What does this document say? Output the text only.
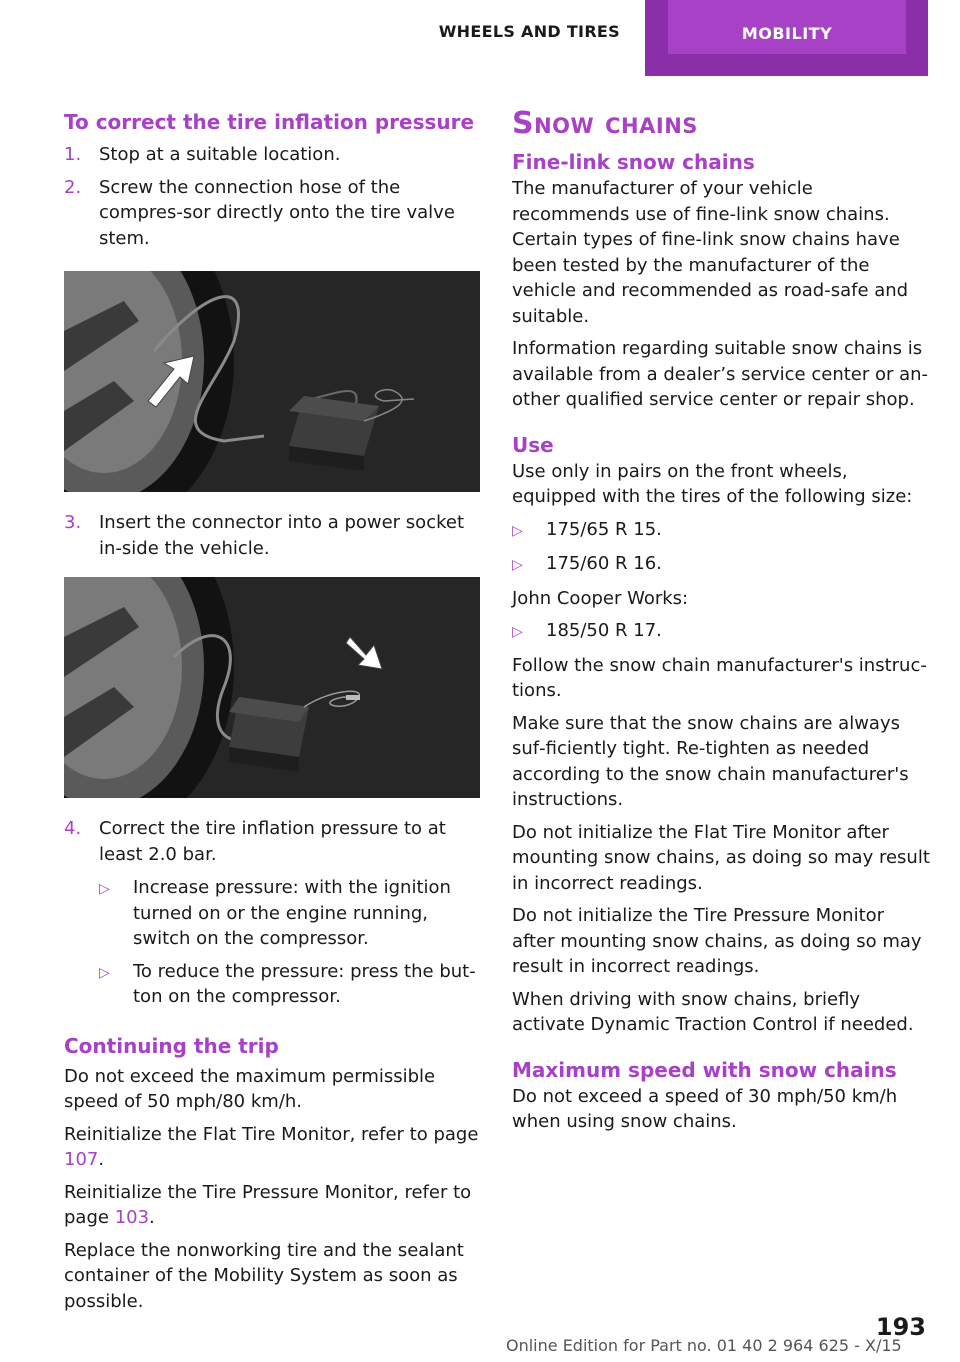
WHEELS AND TIRES	MOBILITY
To correct the tire inflation pressure
1. Stop at a suitable location.
2. Screw the connection hose of the compres‐sor directly onto the tire valve stem.
3. Insert the connector into a power socket in‐side the vehicle.
4. Correct the tire inflation pressure to at least 2.0 bar.
▷	Increase pressure: with the ignition turned on or the engine running, switch on the compressor.
▷	To reduce the pressure: press the but‐ton on the compressor.
Continuing the trip
Do not exceed the maximum permissible speed of 50 mph/80 km/h.
Reinitialize the Flat Tire Monitor, refer to page 107.
Reinitialize the Tire Pressure Monitor, refer to page 103.
Replace the nonworking tire and the sealant container of the Mobility System as soon as possible.
Snow chains
Fine-link snow chains
The manufacturer of your vehicle recommends use of fine-link snow chains. Certain types of fine-link snow chains have been tested by the manufacturer of the vehicle and recommended as road-safe and suitable.
Information regarding suitable snow chains is available from a dealer’s service center or an‐other qualified service center or repair shop.
Use
Use only in pairs on the front wheels, equipped with the tires of the following size:
▷	175/65 R 15.
▷	175/60 R 16.
John Cooper Works:
▷	185/50 R 17.
Follow the snow chain manufacturer's instruc‐tions.
Make sure that the snow chains are always suf‐ficiently tight. Re-tighten as needed according to the snow chain manufacturer's instructions.
Do not initialize the Flat Tire Monitor after mounting snow chains, as doing so may result in incorrect readings.
Do not initialize the Tire Pressure Monitor after mounting snow chains, as doing so may result in incorrect readings.
When driving with snow chains, briefly activate Dynamic Traction Control if needed.
Maximum speed with snow chains
Do not exceed a speed of 30 mph/50 km/h when using snow chains.
Online Edition for Part no. 01 40 2 964 625 - X/15
193
